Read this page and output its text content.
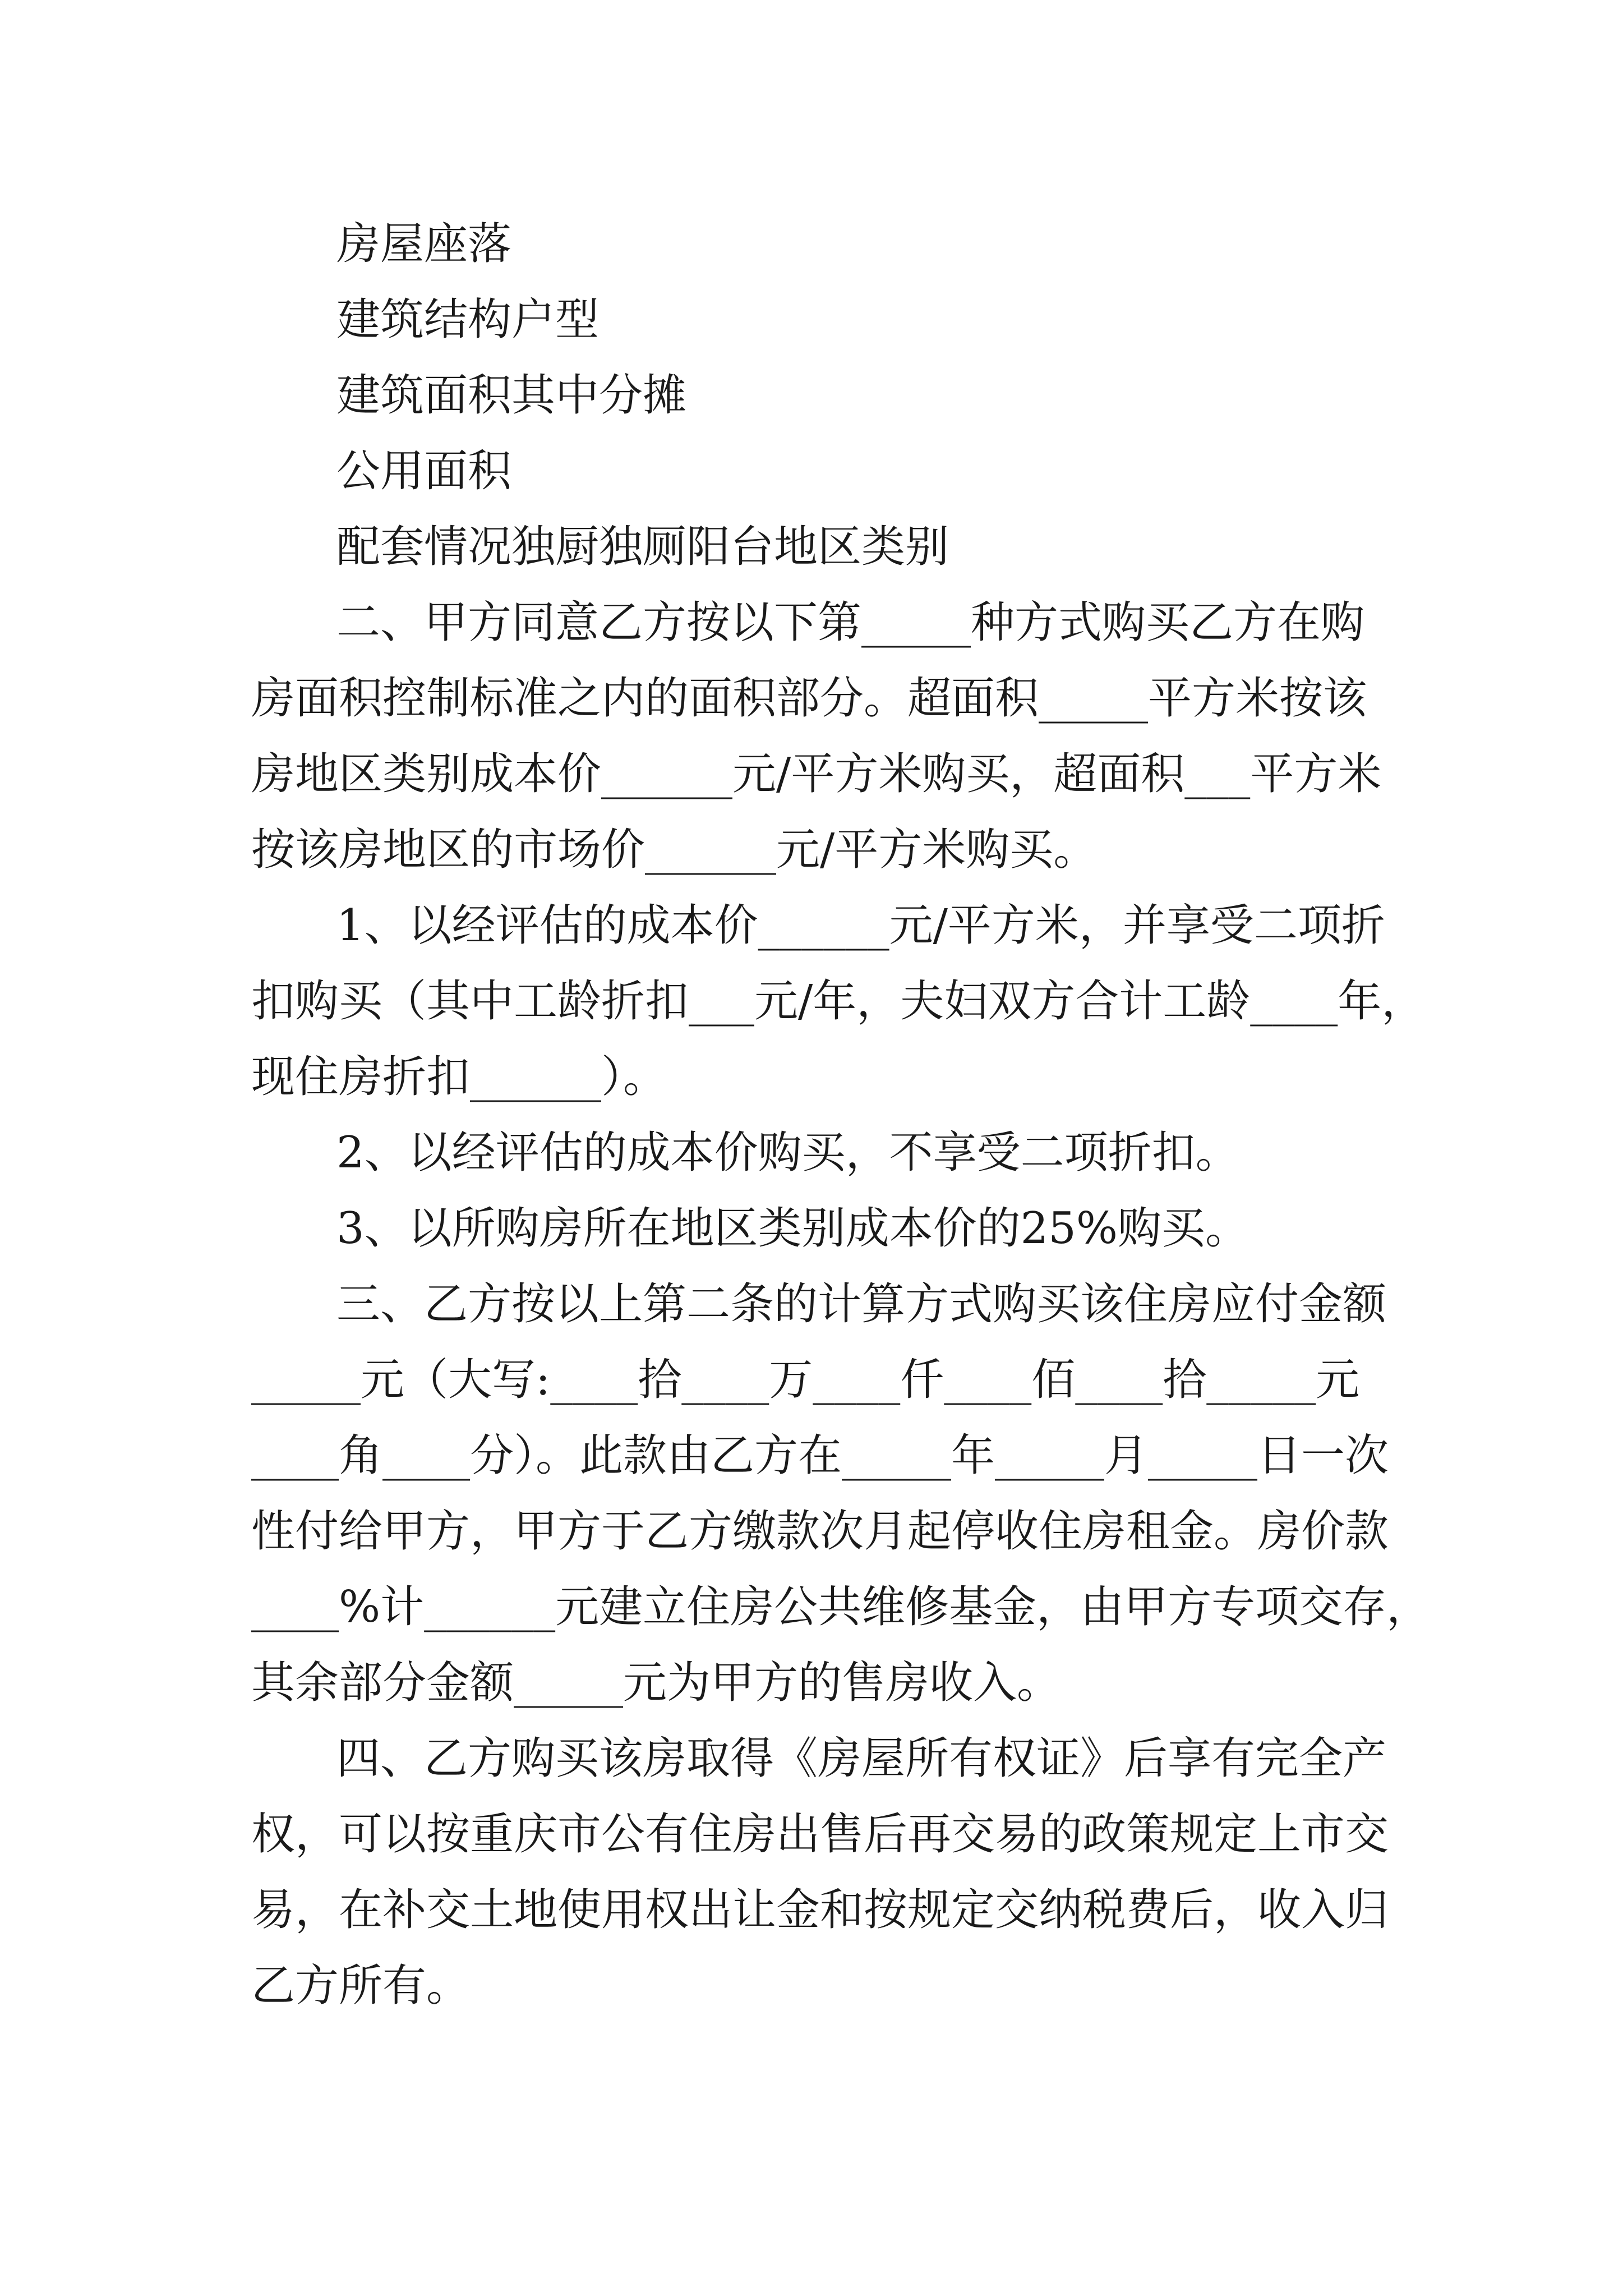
房屋座落
建筑结构户型
建筑面积其中分摊
公用面积
配套情况独厨独厕阳台地区类别
二、甲方同意乙方按以下第_____种方式购买乙方在购
房面积控制标准之内的面积部分。超面积_____平方米按该
房地区类别成本价______元/平方米购买，超面积___平方米
按该房地区的市场价______元/平方米购买。
1、以经评估的成本价______元/平方米，并享受二项折
扣购买（其中工龄折扣___元/年，夫妇双方合计工龄____年，
现住房折扣______）。
2、以经评估的成本价购买，不享受二项折扣。
3、以所购房所在地区类别成本价的25%购买。
三、乙方按以上第二条的计算方式购买该住房应付金额
_____元（大写:____拾____万____仟____佰____拾_____元
____角____分）。此款由乙方在_____年_____月_____日一次
性付给甲方，甲方于乙方缴款次月起停收住房租金。房价款
____%计______元建立住房公共维修基金，由甲方专项交存，
其余部分金额_____元为甲方的售房收入。
四、乙方购买该房取得《房屋所有权证》后享有完全产
权，可以按重庆市公有住房出售后再交易的政策规定上市交
易，在补交土地使用权出让金和按规定交纳税费后，收入归
乙方所有。
